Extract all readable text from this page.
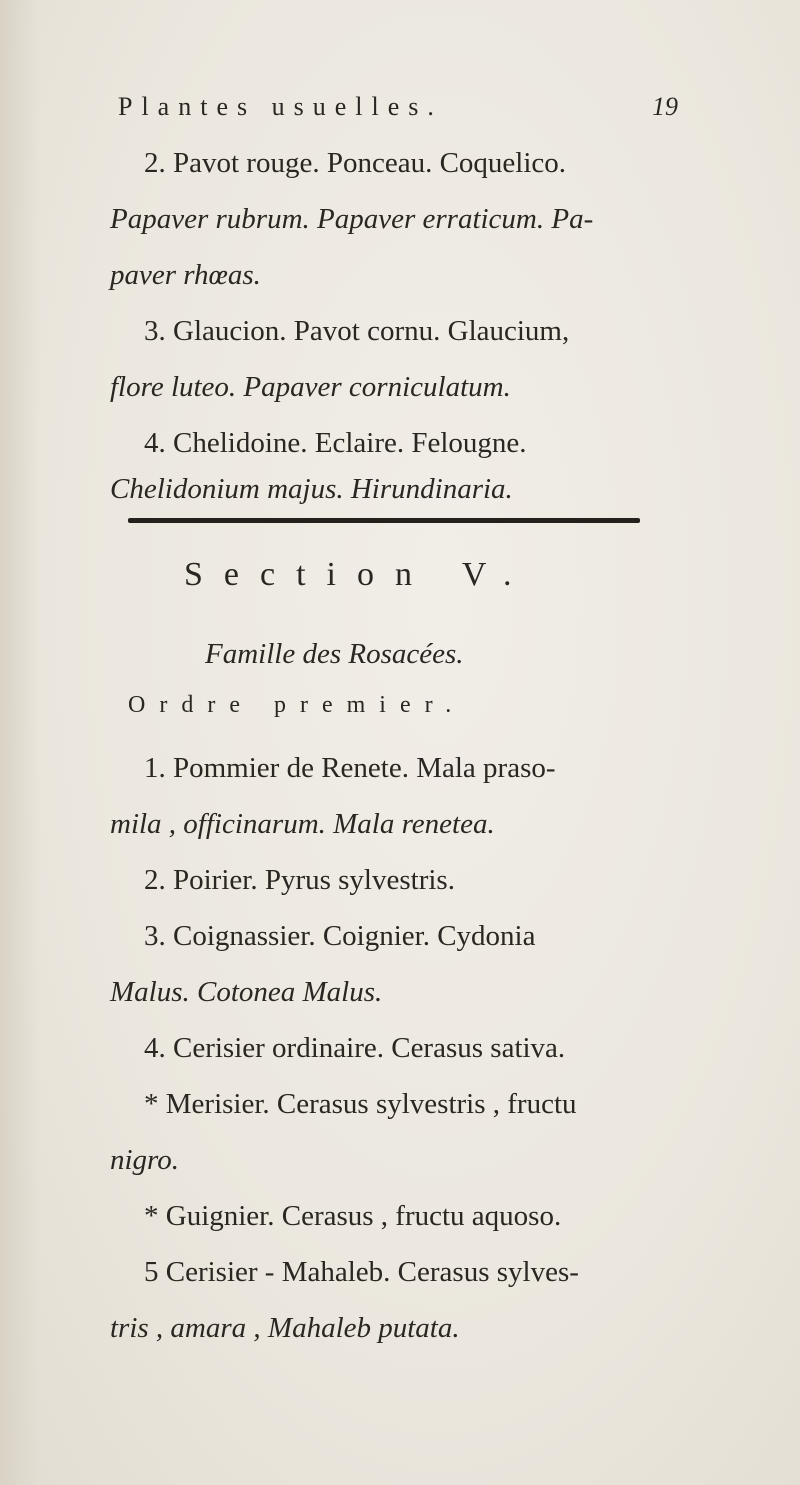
Plantes usuelles.	19
2. Pavot rouge. Ponceau. Coquelico.
Papaver rubrum. Papaver erraticum. Pa-
paver rhœas.
3. Glaucion. Pavot cornu. Glaucium,
flore luteo. Papaver corniculatum.
4. Chelidoine. Eclaire. Felougne.
Chelidonium majus. Hirundinaria.
Section V.
Famille des Rosacées.
Ordre premier.
1. Pommier de Renete. Mala praso-
mila , officinarum. Mala renetea.
2. Poirier. Pyrus sylvestris.
3. Coignassier. Coignier. Cydonia
Malus. Cotonea Malus.
4. Cerisier ordinaire. Cerasus sativa.
* Merisier. Cerasus sylvestris , fructu
nigro.
* Guignier. Cerasus , fructu aquoso.
5 Cerisier - Mahaleb. Cerasus sylves-
tris , amara , Mahaleb putata.
